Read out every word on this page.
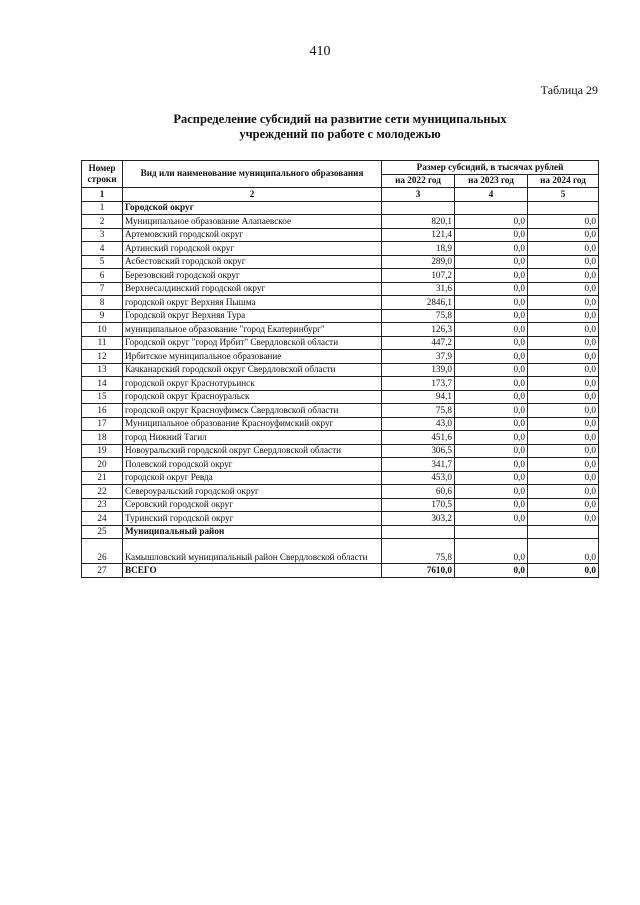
410
Таблица 29
Распределение субсидий на развитие сети муниципальных
учреждений по работе с молодежью
Номер строки	Вид или наименование муниципального образования	Размер субсидий, в тысячах рублей		
		на 2022 год	на 2023 год	на 2024 год
1	2	3	4	5
1	Городской округ			
2	Муниципальное образование Алапаевское	820,1	0,0	0,0
3	Артемовский городской округ	121,4	0,0	0,0
4	Артинский городской округ	18,9	0,0	0,0
5	Асбестовский городской округ	289,0	0,0	0,0
6	Березовский городской округ	107,2	0,0	0,0
7	Верхнесалдинский городской округ	31,6	0,0	0,0
8	городской округ Верхняя Пышма	2846,1	0,0	0,0
9	Городской округ Верхняя Тура	75,8	0,0	0,0
10	муниципальное образование "город Екатеринбург"	126,3	0,0	0,0
11	Городской округ "город Ирбит" Свердловской области	447,2	0,0	0,0
12	Ирбитское муниципальное образование	37,9	0,0	0,0
13	Качканарский городской округ Свердловской области	139,0	0,0	0,0
14	городской округ Краснотурьинск	173,7	0,0	0,0
15	городской округ Красноуральск	94,1	0,0	0,0
16	городской округ Красноуфимск Свердловской области	75,8	0,0	0,0
17	Муниципальное образование Красноуфимский округ	43,0	0,0	0,0
18	город Нижний Тагил	451,6	0,0	0,0
19	Новоуральский городской округ Свердловской области	306,5	0,0	0,0
20	Полевской городской округ	341,7	0,0	0,0
21	городской округ Ревда	453,0	0,0	0,0
22	Североуральский городской округ	60,6	0,0	0,0
23	Серовский городской округ	170,5	0,0	0,0
24	Туринский городской округ	303,2	0,0	0,0
25	Муниципальный район			
26	Камышловский муниципальный район Свердловской области	75,8	0,0	0,0
27	ВСЕГО	7610,0	0,0	0,0
